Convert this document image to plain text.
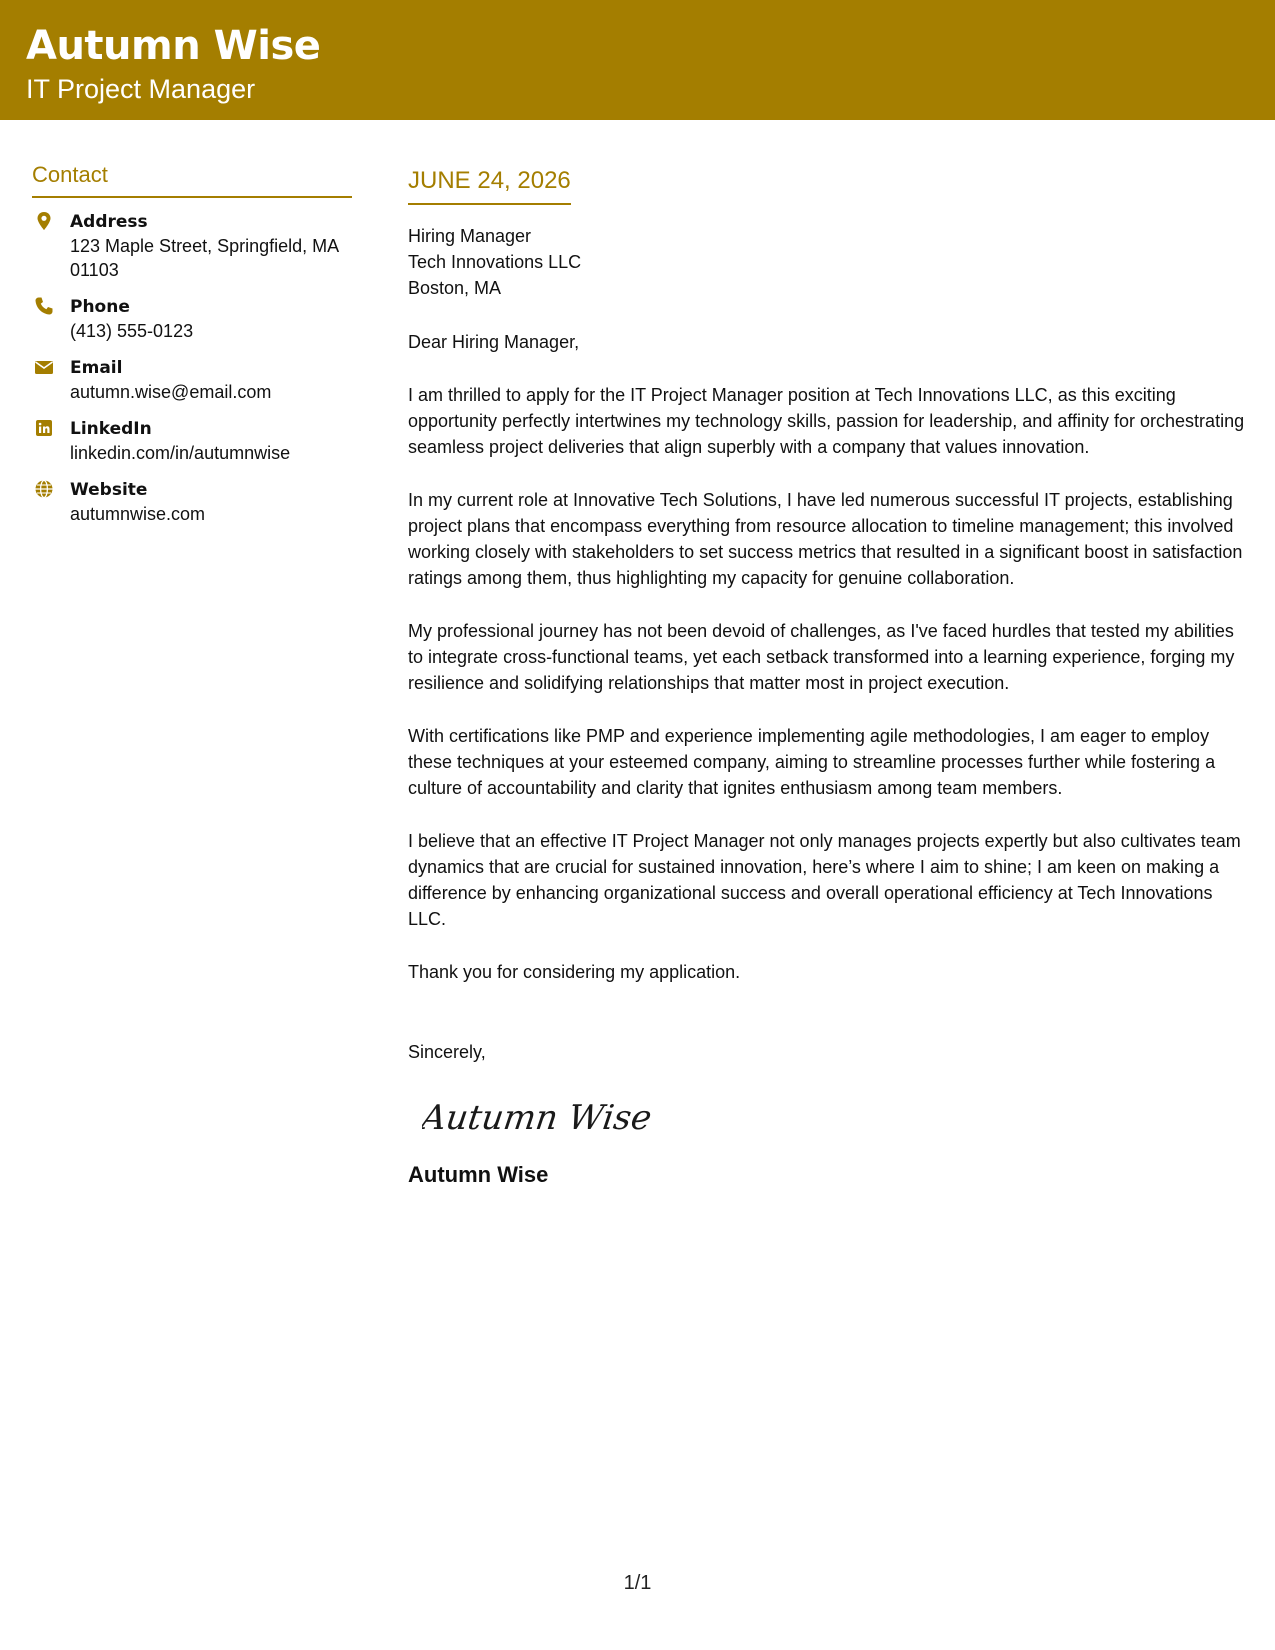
Autumn Wise
IT Project Manager
Contact
Address
123 Maple Street, Springfield, MA 01103
Phone
(413) 555-0123
Email
autumn.wise@email.com
LinkedIn
linkedin.com/in/autumnwise
Website
autumnwise.com
JUNE 24, 2026
Hiring Manager
Tech Innovations LLC
Boston, MA
Dear Hiring Manager,
I am thrilled to apply for the IT Project Manager position at Tech Innovations LLC, as this exciting opportunity perfectly intertwines my technology skills, passion for leadership, and affinity for orchestrating seamless project deliveries that align superbly with a company that values innovation.
In my current role at Innovative Tech Solutions, I have led numerous successful IT projects, establishing project plans that encompass everything from resource allocation to timeline management; this involved working closely with stakeholders to set success metrics that resulted in a significant boost in satisfaction ratings among them, thus highlighting my capacity for genuine collaboration.
My professional journey has not been devoid of challenges, as I've faced hurdles that tested my abilities to integrate cross-functional teams, yet each setback transformed into a learning experience, forging my resilience and solidifying relationships that matter most in project execution.
With certifications like PMP and experience implementing agile methodologies, I am eager to employ these techniques at your esteemed company, aiming to streamline processes further while fostering a culture of accountability and clarity that ignites enthusiasm among team members.
I believe that an effective IT Project Manager not only manages projects expertly but also cultivates team dynamics that are crucial for sustained innovation, here’s where I aim to shine; I am keen on making a difference by enhancing organizational success and overall operational efficiency at Tech Innovations LLC.
Thank you for considering my application.
Sincerely,
Autumn Wise
Autumn Wise
1/1
